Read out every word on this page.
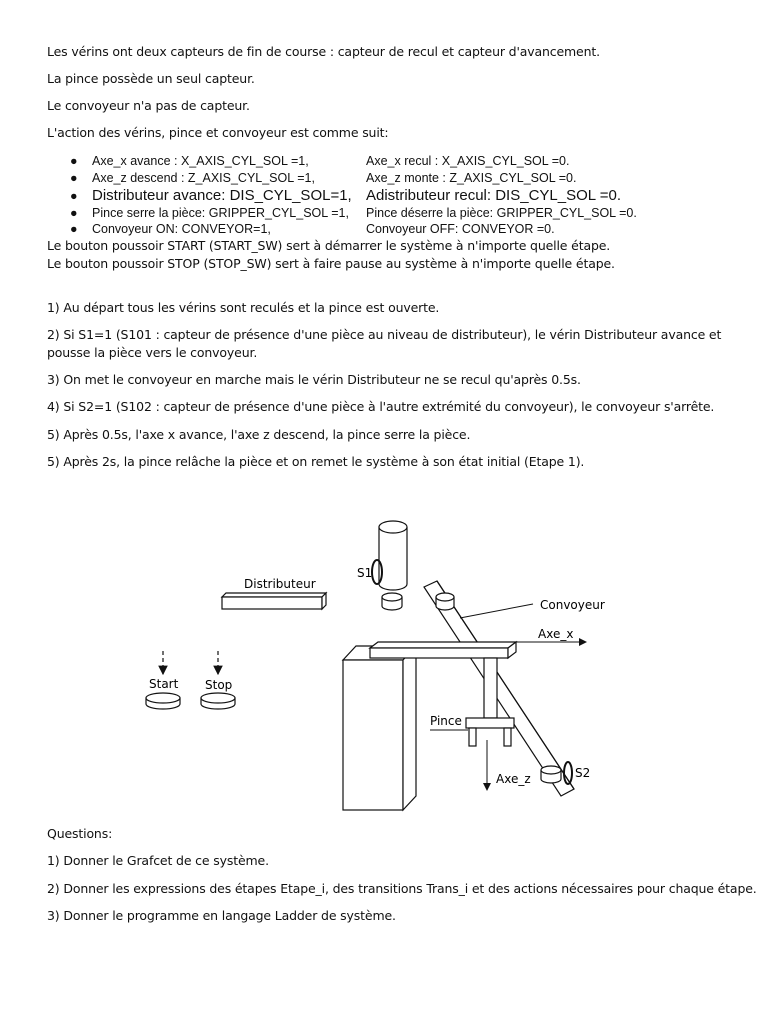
Les vérins ont deux capteurs de fin de course : capteur de recul et capteur d'avancement.
La pince possède un seul capteur.
Le convoyeur n'a pas de capteur.
L'action des vérins, pince et convoyeur est comme suit:
● Axe_x avance : X_AXIS_CYL_SOL =1,	Axe_x recul : X_AXIS_CYL_SOL =0.
● Axe_z descend : Z_AXIS_CYL_SOL =1,	Axe_z monte : Z_AXIS_CYL_SOL =0.
● Distributeur avance: DIS_CYL_SOL=1, Adistributeur recul: DIS_CYL_SOL =0.
● Pince serre la pièce: GRIPPER_CYL_SOL =1, Pince déserre la pièce: GRIPPER_CYL_SOL =0.
● Convoyeur ON: CONVEYOR=1,	Convoyeur OFF: CONVEYOR =0.
Le bouton poussoir START (START_SW) sert à démarrer le système à n'importe quelle étape.
Le bouton poussoir STOP (STOP_SW) sert à faire pause au système à n'importe quelle étape.
1) Au départ tous les vérins sont reculés et la pince est ouverte.
2) Si S1=1 (S101 : capteur de présence d'une pièce au niveau de distributeur), le vérin Distributeur avance et pousse la pièce vers le convoyeur.
3) On met le convoyeur en marche mais le vérin Distributeur ne se recul qu'après 0.5s.
4) Si S2=1 (S102 : capteur de présence d'une pièce à l'autre extrémité du convoyeur), le convoyeur s'arrête.
5) Après 0.5s, l'axe x avance, l'axe z descend, la pince serre la pièce.
5) Après 2s, la pince relâche la pièce et on remet le système à son état initial (Etape 1).
S1
Distributeur
Convoyeur
Axe_x
Pince
Axe_z	S2
Start Stop
Questions:
1) Donner le Grafcet de ce système.
2) Donner les expressions des étapes Etape_i, des transitions Trans_i et des actions nécessaires pour chaque étape.
3) Donner le programme en langage Ladder de système.
